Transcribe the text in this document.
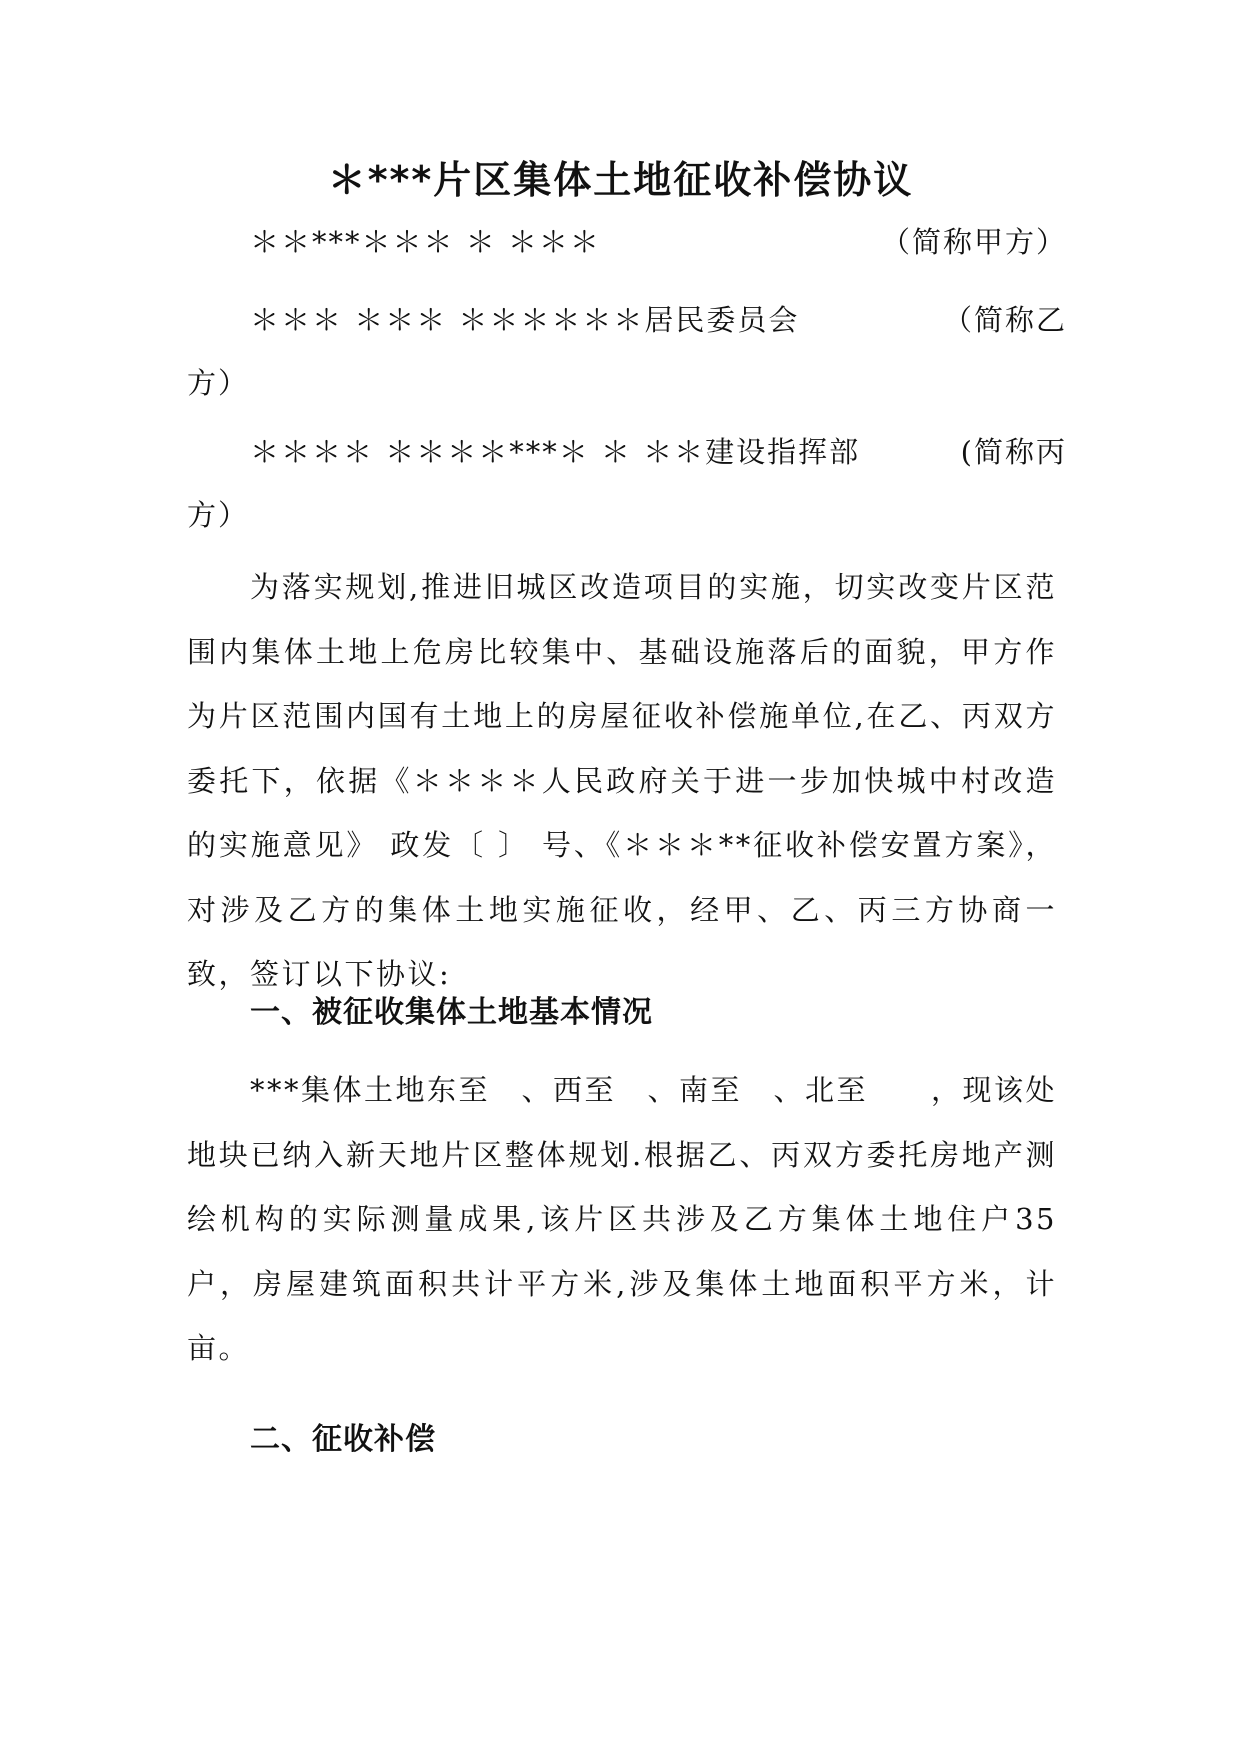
＊***片区集体土地征收补偿协议
＊＊***＊＊＊ ＊ ＊＊＊	（简称甲方）
＊＊＊ ＊＊＊ ＊＊＊＊＊＊居民委员会	（简称乙
方）
＊＊＊＊ ＊＊＊＊***＊ ＊ ＊＊建设指挥部	(简称丙
方）

为落实规划,推进旧城区改造项目的实施，切实改变片区范围内集体土地上危房比较集中、基础设施落后的面貌，甲方作为片区范围内国有土地上的房屋征收补偿施单位,在乙、丙双方委托下，依据《＊＊＊＊人民政府关于进一步加快城中村改造的实施意见》 政发〔 〕 号、《＊＊＊**征收补偿安置方案》，对涉及乙方的集体土地实施征收，经甲、乙、丙三方协商一致，签订以下协议:

一、被征收集体土地基本情况

***集体土地东至　、西至　、南至　、北至　　，现该处地块已纳入新天地片区整体规划.根据乙、丙双方委托房地产测绘机构的实际测量成果,该片区共涉及乙方集体土地住户35户，房屋建筑面积共计平方米,涉及集体土地面积平方米，计亩。

二、征收补偿
